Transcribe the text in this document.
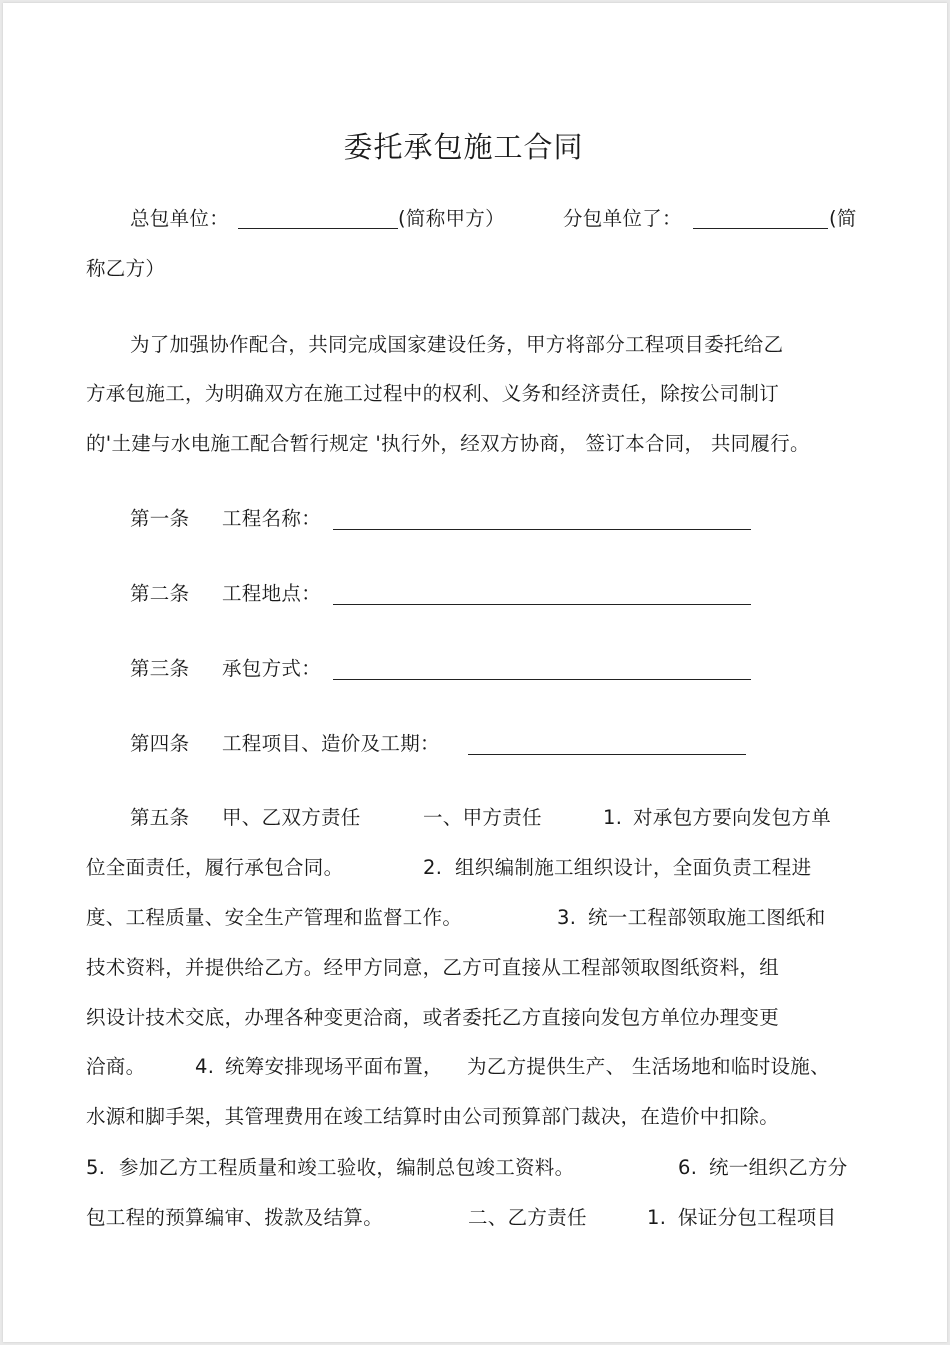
委托承包施工合同
总包单位：	(简称甲方）	分包单位了：	(简
称乙方）
为了加强协作配合，共同完成国家建设任务，甲方将部分工程项目委托给乙
方承包施工，为明确双方在施工过程中的权利、义务和经济责任，除按公司制订
的'土建与水电施工配合暂行规定 '执行外，经双方协商， 签订本合同， 共同履行。
第一条 工程名称：
第二条 工程地点：
第三条 承包方式：
第四条 工程项目、造价及工期：
第五条 甲、乙双方责任	一、甲方责任	1. 对承包方要向发包方单
位全面责任，履行承包合同。	2. 组织编制施工组织设计，全面负责工程进
度、工程质量、安全生产管理和监督工作。	3. 统一工程部领取施工图纸和
技术资料，并提供给乙方。经甲方同意，乙方可直接从工程部领取图纸资料，组
织设计技术交底，办理各种变更洽商，或者委托乙方直接向发包方单位办理变更
洽商。	4. 统筹安排现场平面布置， 为乙方提供生产、 生活场地和临时设施、
水源和脚手架，其管理费用在竣工结算时由公司预算部门裁决，在造价中扣除。
5. 参加乙方工程质量和竣工验收，编制总包竣工资料。	6. 统一组织乙方分
包工程的预算编审、拨款及结算。	二、乙方责任	1. 保证分包工程项目
